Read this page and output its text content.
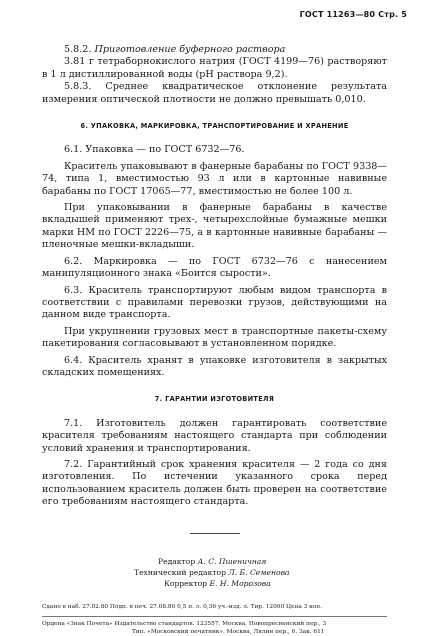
ГОСТ 11263—80 Стр. 5

5.8.2. Приготовление буферного раствора

3.81 г тетраборнокислого натрия (ГОСТ 4199—76) растворяют в 1 л дистиллированной воды (pH раствора 9,2).

5.8.3. Среднее квадратическое отклонение результата измерения оптической плотности не должно превышать 0,010.

6. УПАКОВКА, МАРКИРОВКА, ТРАНСПОРТИРОВАНИЕ И ХРАНЕНИЕ

6.1. Упаковка — по ГОСТ 6732—76.

Краситель упаковывают в фанерные барабаны по ГОСТ 9338—74, типа 1, вместимостью 93 л или в картонные навивные барабаны по ГОСТ 17065—77, вместимостью не более 100 л.

При упаковывании в фанерные барабаны в качестве вкладышей применяют трех-, четырехслойные бумажные мешки марки НМ по ГОСТ 2226—75, а в картонные навивные барабаны — пленочные мешки-вкладыши.

6.2. Маркировка — по ГОСТ 6732—76 с нанесением манипуляционного знака «Боится сырости».

6.3. Краситель транспортируют любым видом транспорта в соответствии с правилами перевозки грузов, действующими на данном виде транспорта.

При укрупнении грузовых мест в транспортные пакеты-схему пакетирования согласовывают в установленном порядке.

6.4. Краситель хранят в упаковке изготовителя в закрытых складских помещениях.

7. ГАРАНТИИ ИЗГОТОВИТЕЛЯ

7.1. Изготовитель должен гарантировать соответствие красителя требованиям настоящего стандарта при соблюдении условий хранения и транспортирования.

7.2. Гарантийный срок хранения красителя — 2 года со дня изготовления. По истечении указанного срока перед использованием краситель должен быть проверен на соответствие его требованиям настоящего стандарта.

Редактор А. С. Пшеничная
Технический редактор Л. Б. Семенова
Корректор Е. Н. Морозова
Сдано в наб. 27.02.80 Подп. в печ. 27.08.80 0,5 п. л. 0,36 уч.-изд. л. Тир. 12000 Цена 3 коп.
Ордена «Знак Почета» Издательство стандартов. 123557, Москва, Новопресненский пер., 3
Тип. «Московский печатник». Москва, Лялин пер., 6. Зак. 611
